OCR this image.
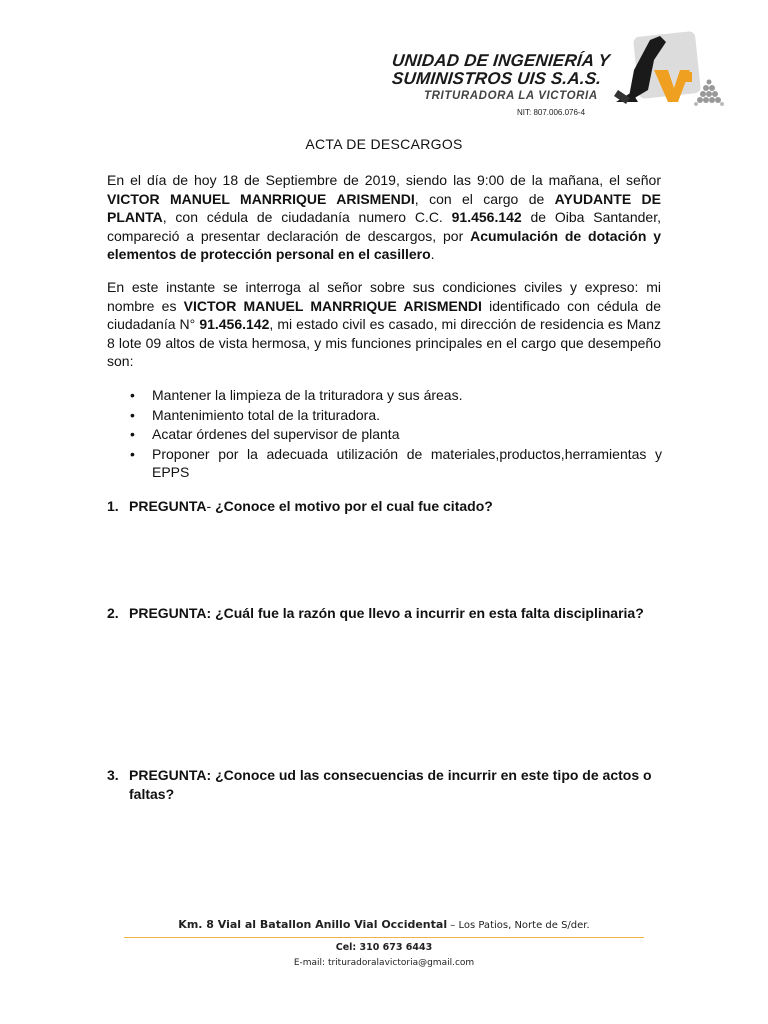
UNIDAD DE INGENIERÍA Y
SUMINISTROS UIS S.A.S.
TRITURADORA LA VICTORIA
NIT: 807.006.076-4
ACTA DE DESCARGOS

En el día de hoy 18 de Septiembre de 2019, siendo las 9:00 de la mañana, el señor VICTOR MANUEL MANRRIQUE ARISMENDI, con el cargo de AYUDANTE DE PLANTA, con cédula de ciudadanía numero C.C. 91.456.142 de Oiba Santander, compareció a presentar declaración de descargos, por Acumulación de dotación y elementos de protección personal en el casillero.

En este instante se interroga al señor sobre sus condiciones civiles y expreso: mi nombre es VICTOR MANUEL MANRRIQUE ARISMENDI identificado con cédula de ciudadanía N° 91.456.142, mi estado civil es casado, mi dirección de residencia es Manz 8 lote 09 altos de vista hermosa, y mis funciones principales en el cargo que desempeño son:

• Mantener la limpieza de la trituradora y sus áreas.
• Mantenimiento total de la trituradora.
• Acatar órdenes del supervisor de planta
• Proponer por la adecuada utilización de materiales,productos,herramientas y EPPS
1. PREGUNTA- ¿Conoce el motivo por el cual fue citado?
2. PREGUNTA: ¿Cuál fue la razón que llevo a incurrir en esta falta disciplinaria?
3. PREGUNTA: ¿Conoce ud las consecuencias de incurrir en este tipo de actos o faltas?
Km. 8 Vial al Batallon Anillo Vial Occidental – Los Patios, Norte de S/der.
Cel: 310 673 6443
E-mail: trituradoralavictoria@gmail.com
